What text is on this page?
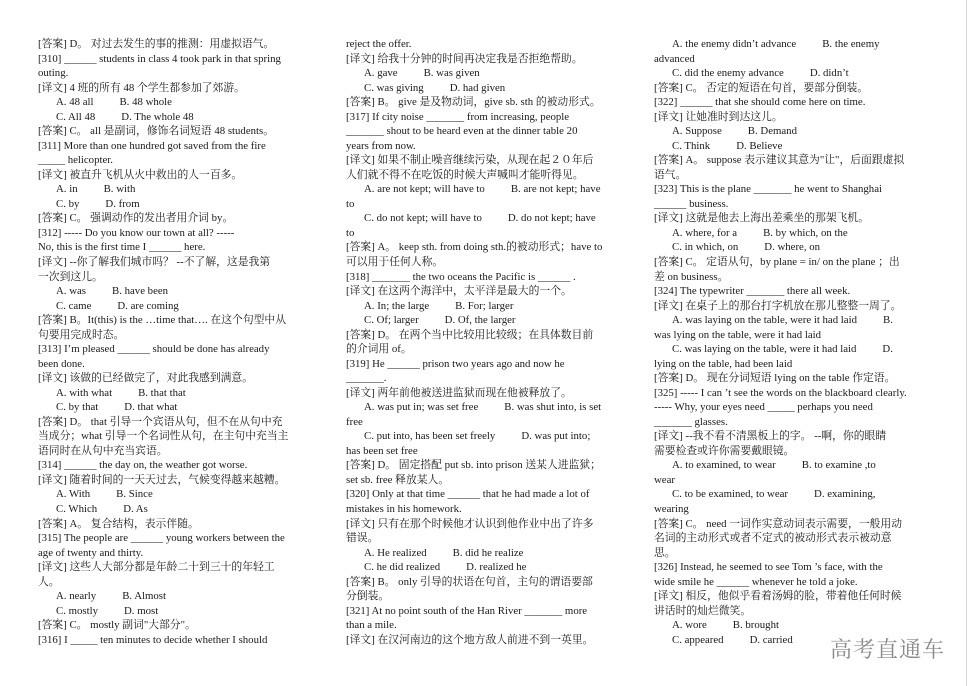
[答案] D。 对过去发生的事的推测：用虚拟语气。
[310] ______ students in class 4 took park in that spring
outing.
[译文] 4 班的所有 48 个学生都参加了郊游。
A. 48 all B. 48 whole
C. All 48 D. The whole 48
[答案] C。 all 是副词，修饰名词短语 48 students。
[311] More than one hundred got saved from the fire
_____ helicopter.
[译文] 被直升飞机从火中救出的人一百多。
A. in B. with
C. by D. from
[答案] C。 强调动作的发出者用介词 by。
[312] ----- Do you know our town at all? -----
No, this is the first time I ______ here.
[译文] --你了解我们城市吗？ --不了解，这是我第
一次到这儿。
A. was B. have been
C. came D. are coming
[答案] B。It(this) is the …time that…. 在这个句型中从
句要用完成时态。
[313] I’m pleased ______ should be done has already
been done.
[译文] 该做的已经做完了，对此我感到满意。
A. with what B. that that
C. by that D. that what
[答案] D。 that 引导一个宾语从句，但不在从句中充
当成分；what 引导一个名词性从句，在主句中充当主
语同时在从句中充当宾语。
[314] ______ the day on, the weather got worse.
[译文] 随着时间的一天天过去，气候变得越来越糟。
A. With B. Since
C. Which D. As
[答案] A。 复合结构，表示伴随。
[315] The people are ______ young workers between the
age of twenty and thirty.
[译文] 这些人大部分都是年龄二十到三十的年轻工
人。
A. nearly B. Almost
C. mostly D. most
[答案] C。 mostly 副词"大部分"。
[316] I _____ ten minutes to decide whether I should
reject the offer.
[译文] 给我十分钟的时间再决定我是否拒绝帮助。
A. gave B. was given
C. was giving D. had given
[答案] B。 give 是及物动词，give sb. sth 的被动形式。
[317] If city noise _______ from increasing, people
_______ shout to be heard even at the dinner table 20
years from now.
[译文] 如果不制止噪音继续污染，从现在起２０年后
人们就不得不在吃饭的时候大声喊叫才能听得见。
A. are not kept; will have to B. are not kept; have
to
C. do not kept; will have to D. do not kept; have
to
[答案] A。 keep sth. from doing sth.的被动形式；have to
可以用于任何人称。
[318] _______ the two oceans the Pacific is ______ .
[译文] 在这两个海洋中，太平洋是最大的一个。
A. In; the large B. For; larger
C. Of; larger D. Of, the larger
[答案] D。 在两个当中比较用比较级；在具体数目前
的介词用 of。
[319] He ______ prison two years ago and now he
_______.
[译文] 两年前他被送进监狱而现在他被释放了。
A. was put in; was set free B. was shut into, is set
free
C. put into, has been set freely D. was put into;
has been set free
[答案] D。 固定搭配 put sb. into prison 送某人进监狱；
set sb. free 释放某人。
[320] Only at that time ______ that he had made a lot of
mistakes in his homework.
[译文] 只有在那个时候他才认识到他作业中出了许多
错误。
A. He realized B. did he realize
C. he did realized D. realized he
[答案] B。 only 引导的状语在句首，主句的谓语要部
分倒装。
[321] At no point south of the Han River _______ more
than a mile.
[译文] 在汉河南边的这个地方敌人前进不到一英里。
A. the enemy didn’t advance B. the enemy
advanced
C. did the enemy advance D. didn’t
[答案] C。 否定的短语在句首，要部分倒装。
[322] ______ that she should come here on time.
[译文] 让她准时到达这儿。
A. Suppose B. Demand
C. Think D. Believe
[答案] A。 suppose 表示建议其意为"让"，后面跟虚拟
语气。
[323] This is the plane _______ he went to Shanghai
______ business.
[译文] 这就是他去上海出差乘坐的那架飞机。
A. where, for a B. by which, on the
C. in which, on D. where, on
[答案] C。 定语从句，by plane = in/ on the plane ；出
差 on business。
[324] The typewriter _______ there all week.
[译文] 在桌子上的那台打字机放在那儿整整一周了。
A. was laying on the table, were it had laid B.
was lying on the table, were it had laid
C. was laying on the table, were it had laid D.
lying on the table, had been laid
[答案] D。 现在分词短语 lying on the table 作定语。
[325] ----- I can ’t see the words on the blackboard clearly.
----- Why, your eyes need _____ perhaps you need
_______ glasses.
[译文] --我不看不清黑板上的字。 --啊，你的眼睛
需要检查或许你需要戴眼镜。
A. to examined, to wear B. to examine ,to
wear
C. to be examined, to wear D. examining,
wearing
[答案] C。 need 一词作实意动词表示需要，一般用动
名词的主动形式或者不定式的被动形式表示被动意
思。
[326] Instead, he seemed to see Tom ’s face, with the
wide smile he ______ whenever he told a joke.
[译文] 相反，他似乎看着汤姆的脸，带着他任何时候
讲话时的灿烂微笑。
A. wore B. brought
C. appeared D. carried	高考直通车
